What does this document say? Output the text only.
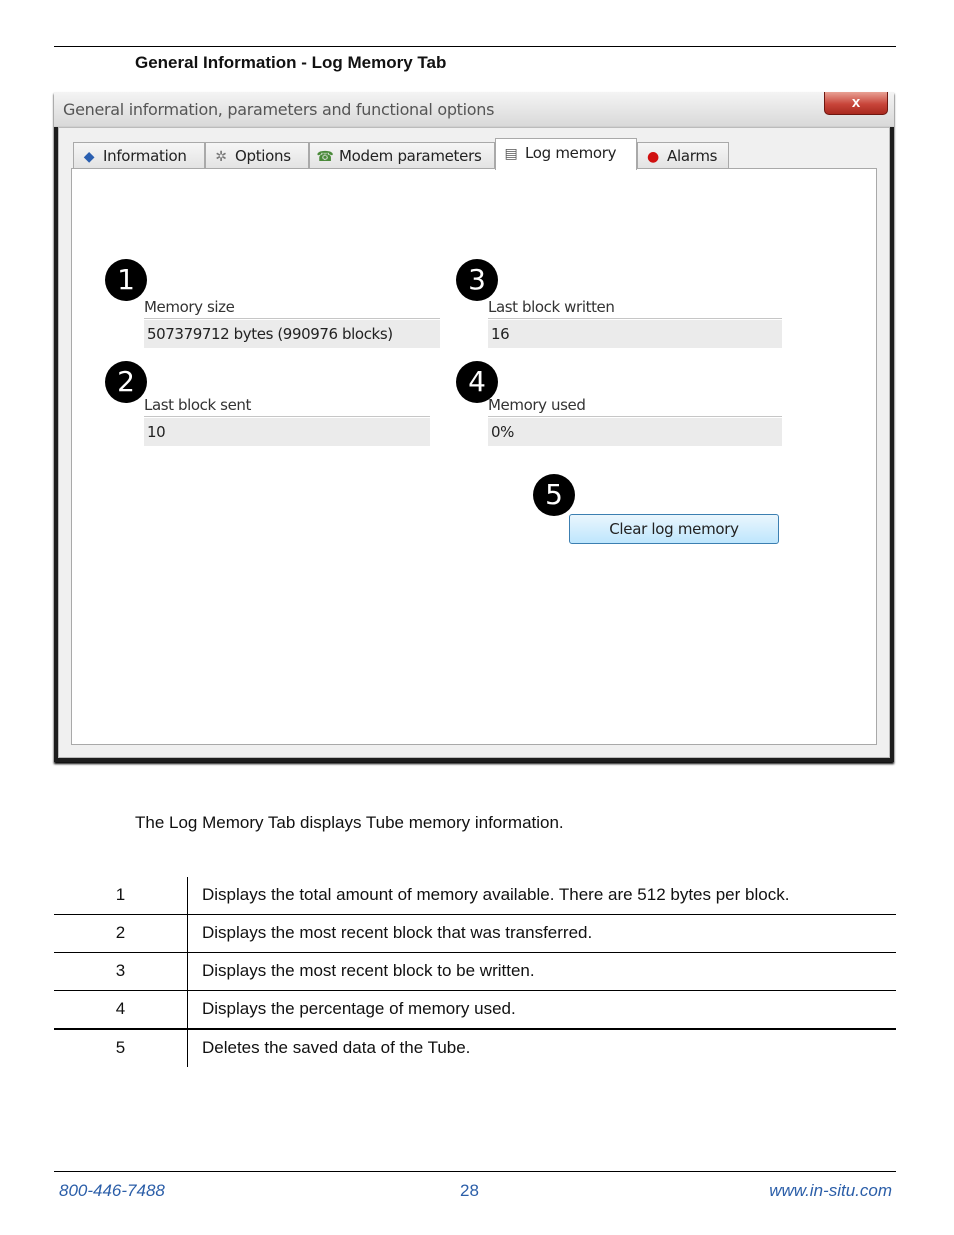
General Information - Log Memory Tab
General information, parameters and functional options	x
◆ Information	✲ Options	☎ Modem parameters	▤ Log memory	● Alarms
1
Memory size
507379712 bytes (990976 blocks)
2
Last block sent
10
3
Last block written
16
4
Memory used
0%
5
Clear log memory
The Log Memory Tab displays Tube memory information.
1	Displays the total amount of memory available. There are 512 bytes per block.
2	Displays the most recent block that was transferred.
3	Displays the most recent block to be written.
4	Displays the percentage of memory used.
5	Deletes the saved data of the Tube.
800-446-7488	28	www.in-situ.com
